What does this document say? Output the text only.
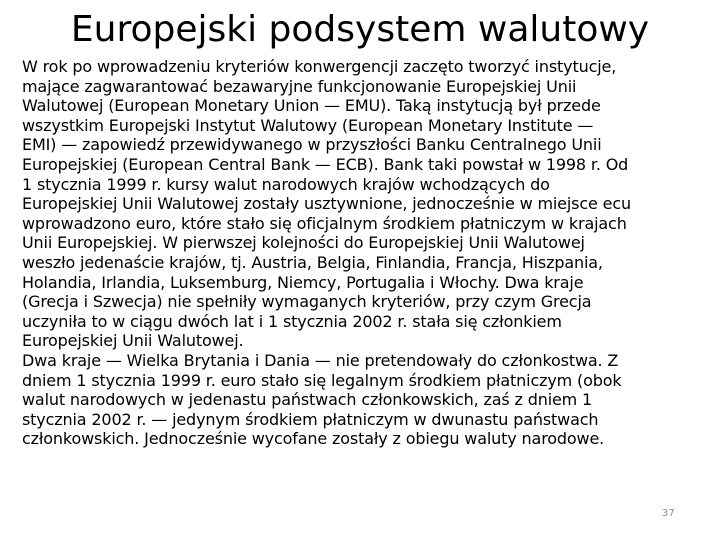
Europejski podsystem walutowy
W rok po wprowadzeniu kryteriów konwergencji zaczęto tworzyć instytucje,
mające zagwarantować bezawaryjne funkcjonowanie Europejskiej Unii
Walutowej (European Monetary Union — EMU). Taką instytucją był przede
wszystkim Europejski Instytut Walutowy (European Monetary Institute —
EMI) — zapowiedź przewidywanego w przyszłości Banku Centralnego Unii
Europejskiej (European Central Bank — ECB). Bank taki powstał w 1998 r. Od
1 stycznia 1999 r. kursy walut narodowych krajów wchodzących do
Europejskiej Unii Walutowej zostały usztywnione, jednocześnie w miejsce ecu
wprowadzono euro, które stało się oficjalnym środkiem płatniczym w krajach
Unii Europejskiej. W pierwszej kolejności do Europejskiej Unii Walutowej
weszło jedenaście krajów, tj. Austria, Belgia, Finlandia, Francja, Hiszpania,
Holandia, Irlandia, Luksemburg, Niemcy, Portugalia i Włochy. Dwa kraje
(Grecja i Szwecja) nie spełniły wymaganych kryteriów, przy czym Grecja
uczyniła to w ciągu dwóch lat i 1 stycznia 2002 r. stała się członkiem
Europejskiej Unii Walutowej.
Dwa kraje — Wielka Brytania i Dania — nie pretendowały do członkostwa. Z
dniem 1 stycznia 1999 r. euro stało się legalnym środkiem płatniczym (obok
walut narodowych w jedenastu państwach członkowskich, zaś z dniem 1
stycznia 2002 r. — jedynym środkiem płatniczym w dwunastu państwach
członkowskich. Jednocześnie wycofane zostały z obiegu waluty narodowe.
37
